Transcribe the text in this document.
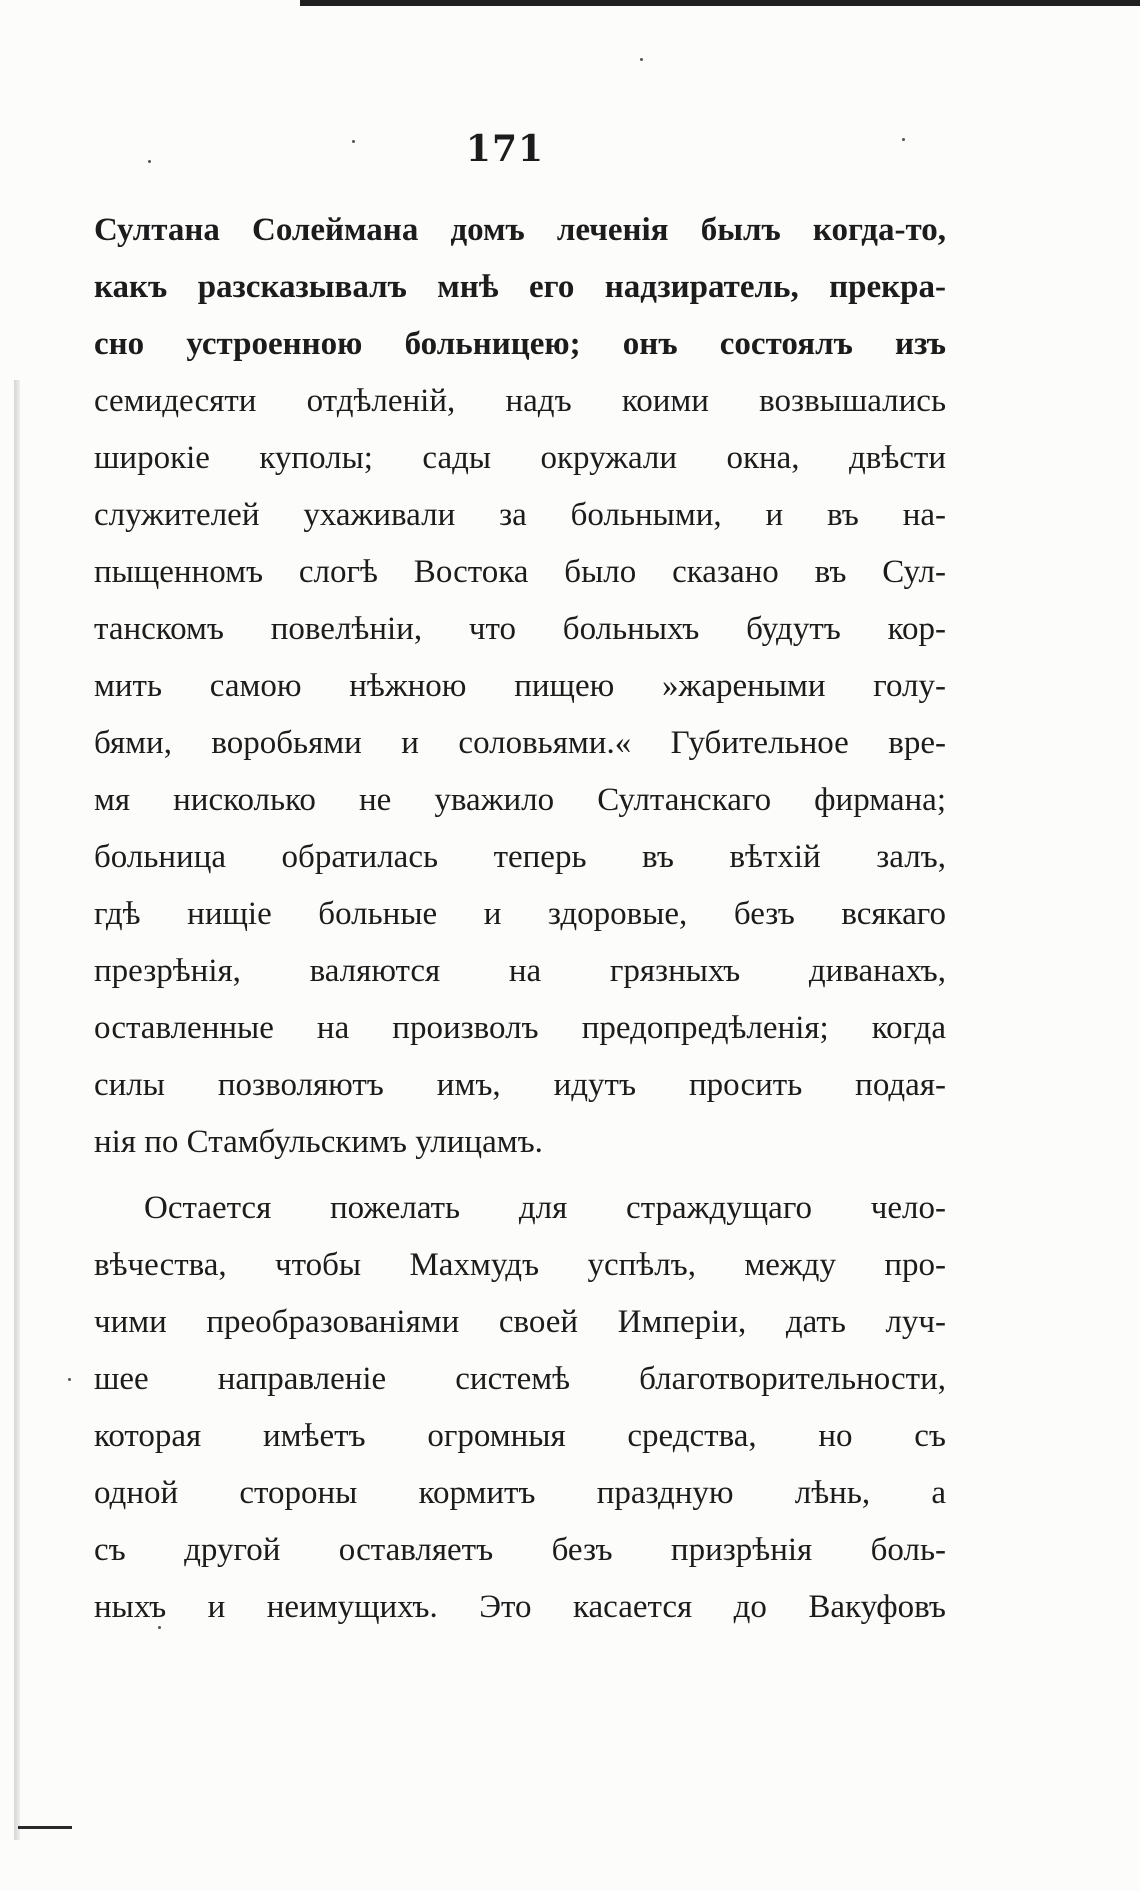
171
Султана Солеймана домъ леченія былъ когда-то,
какъ разсказывалъ мнѣ его надзиратель, прекра-
сно устроенною больницею; онъ состоялъ изъ
семидесяти отдѣленій, надъ коими возвышались
широкіе куполы; сады окружали окна, двѣсти
служителей ухаживали за больными, и въ на-
пыщенномъ слогѣ Востока было сказано въ Сул-
танскомъ повелѣніи, что больныхъ будутъ кор-
мить самою нѣжною пищею »жареными голу-
бями, воробьями и соловьями.« Губительное вре-
мя нисколько не уважило Султанскаго фирмана;
больница обратилась теперь въ вѣтхій залъ,
гдѣ нищіе больные и здоровые, безъ всякаго
презрѣнія, валяются на грязныхъ диванахъ,
оставленные на произволъ предопредѣленія; когда
силы позволяютъ имъ, идутъ просить подая-
нія по Стамбульскимъ улицамъ.
Остается пожелать для страждущаго чело-
вѣчества, чтобы Махмудъ успѣлъ, между про-
чими преобразованіями своей Имперіи, дать луч-
шее направленіе системѣ благотворительности,
которая имѣетъ огромныя средства, но съ
одной стороны кормитъ праздную лѣнь, а
съ другой оставляетъ безъ призрѣнія боль-
ныхъ и неимущихъ. Это касается до Вакуфовъ
